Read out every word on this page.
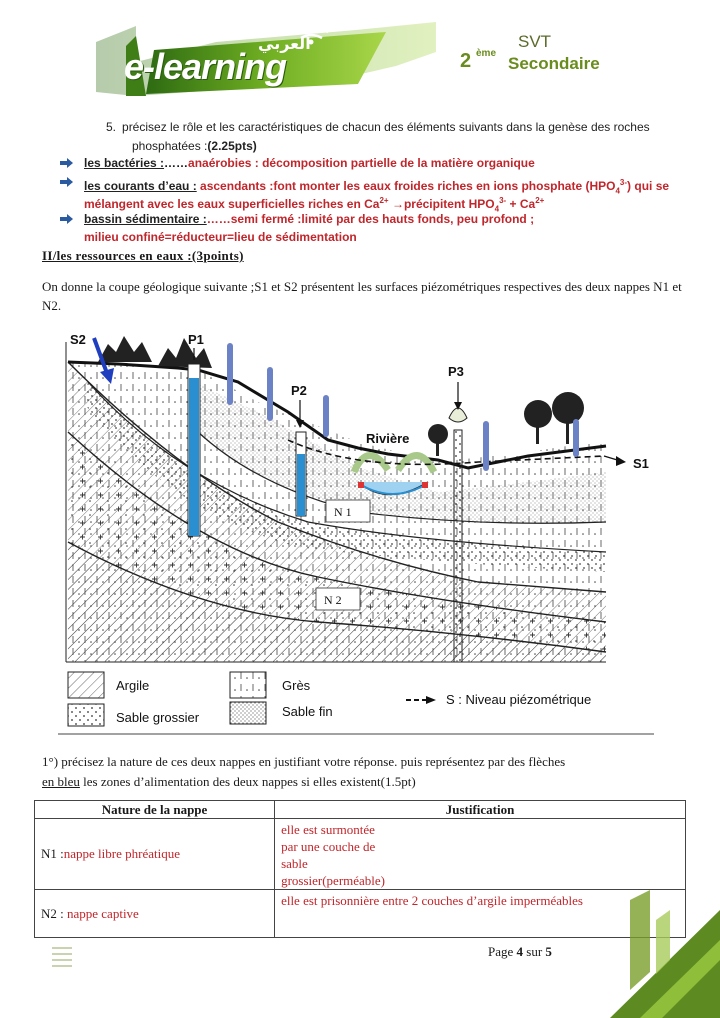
e-learning
العربي	SVT
2 ème
Secondaire
5. précisez le rôle et les caractéristiques de chacun des éléments suivants dans la genèse des roches
phosphatées :(2.25pts)
les bactéries :……anaérobies : décomposition partielle de la matière organique
les courants d’eau : ascendants :font monter les eaux froides riches en ions phosphate $(HPO_4^{3-})$ qui se
mélangent avec les eaux superficielles riches en $Ca^{2+}$ →précipitent $HPO_4^{3-} + Ca^{2+}$
bassin sédimentaire :……semi fermé :limité par des hauts fonds, peu profond ;
milieu confiné=réducteur=lieu de sédimentation
II/les ressources en eaux :(3points)
On donne la coupe géologique suivante ;S1 et S2 présentent les surfaces piézométriques respectives des deux nappes N1 et N2.
Rivière
P1
P2
P3
S2
S1
N 1
N 2
Argile	Grès
S : Niveau piézométrique
Sable grossier	Sable fin
1°) précisez la nature de ces deux nappes en justifiant votre réponse. puis représentez par des flèches
en bleu les zones d’alimentation des deux nappes si elles existent(1.5pt)
Nature de la nappe	Justification
N1 :nappe libre phréatique	elle est surmontée par une couche de sable grossier(perméable)
N2 : nappe captive	elle est prisonnière entre 2 couches d’argile imperméables
Page 4 sur 5
